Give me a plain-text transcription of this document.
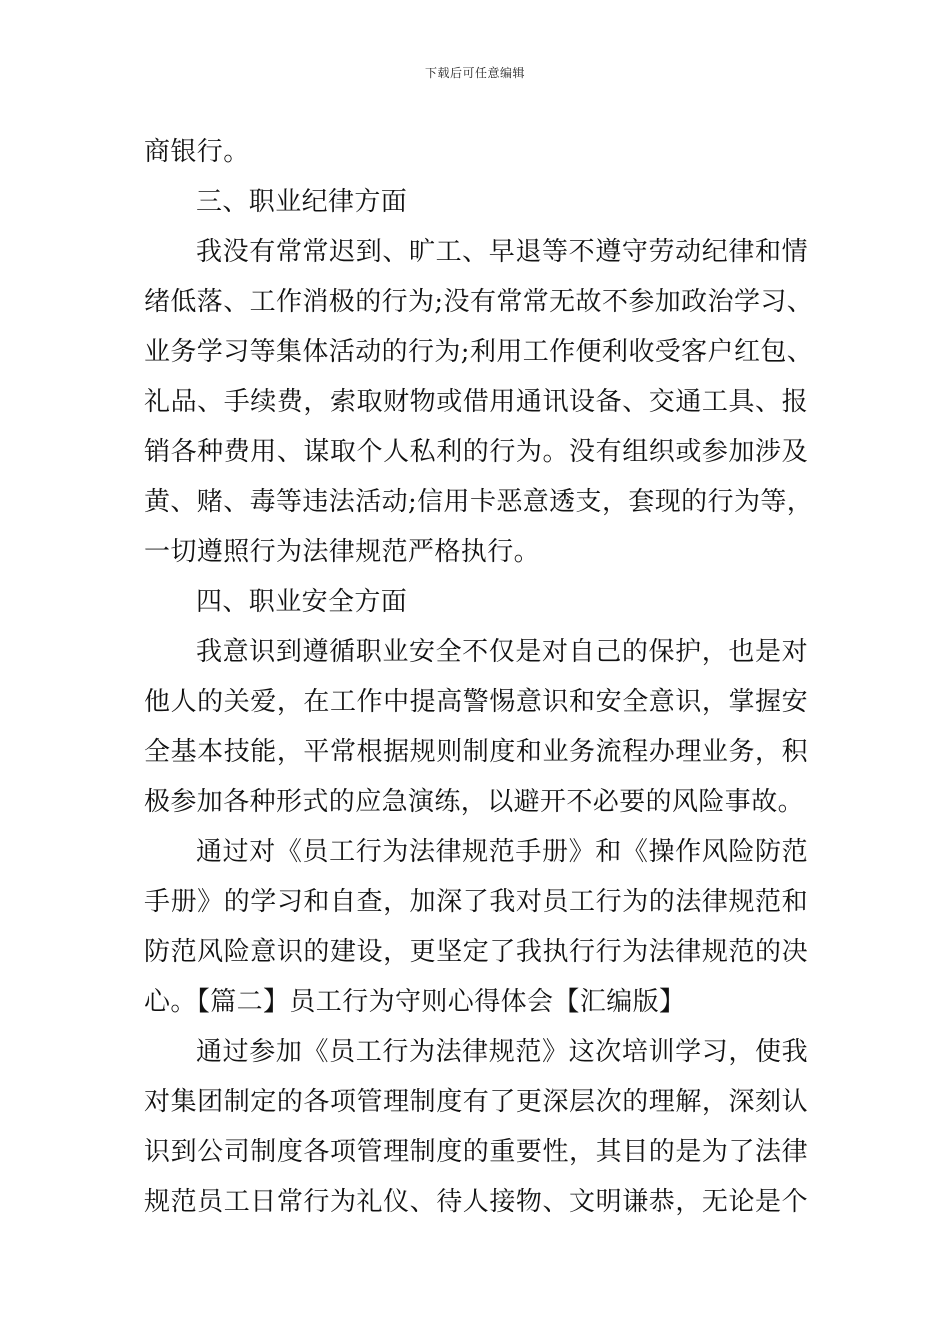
下载后可任意编辑
商银行。
三、职业纪律方面
我没有常常迟到、旷工、早退等不遵守劳动纪律和情
绪低落、工作消极的行为;没有常常无故不参加政治学习、
业务学习等集体活动的行为;利用工作便利收受客户红包、
礼品、手续费，索取财物或借用通讯设备、交通工具、报
销各种费用、谋取个人私利的行为。没有组织或参加涉及
黄、赌、毒等违法活动;信用卡恶意透支，套现的行为等，
一切遵照行为法律规范严格执行。
四、职业安全方面
我意识到遵循职业安全不仅是对自己的保护，也是对
他人的关爱，在工作中提高警惕意识和安全意识，掌握安
全基本技能，平常根据规则制度和业务流程办理业务，积
极参加各种形式的应急演练，以避开不必要的风险事故。
通过对《员工行为法律规范手册》和《操作风险防范
手册》的学习和自查，加深了我对员工行为的法律规范和
防范风险意识的建设，更坚定了我执行行为法律规范的决
心。【篇二】员工行为守则心得体会【汇编版】
通过参加《员工行为法律规范》这次培训学习，使我
对集团制定的各项管理制度有了更深层次的理解，深刻认
识到公司制度各项管理制度的重要性，其目的是为了法律
规范员工日常行为礼仪、待人接物、文明谦恭，无论是个
